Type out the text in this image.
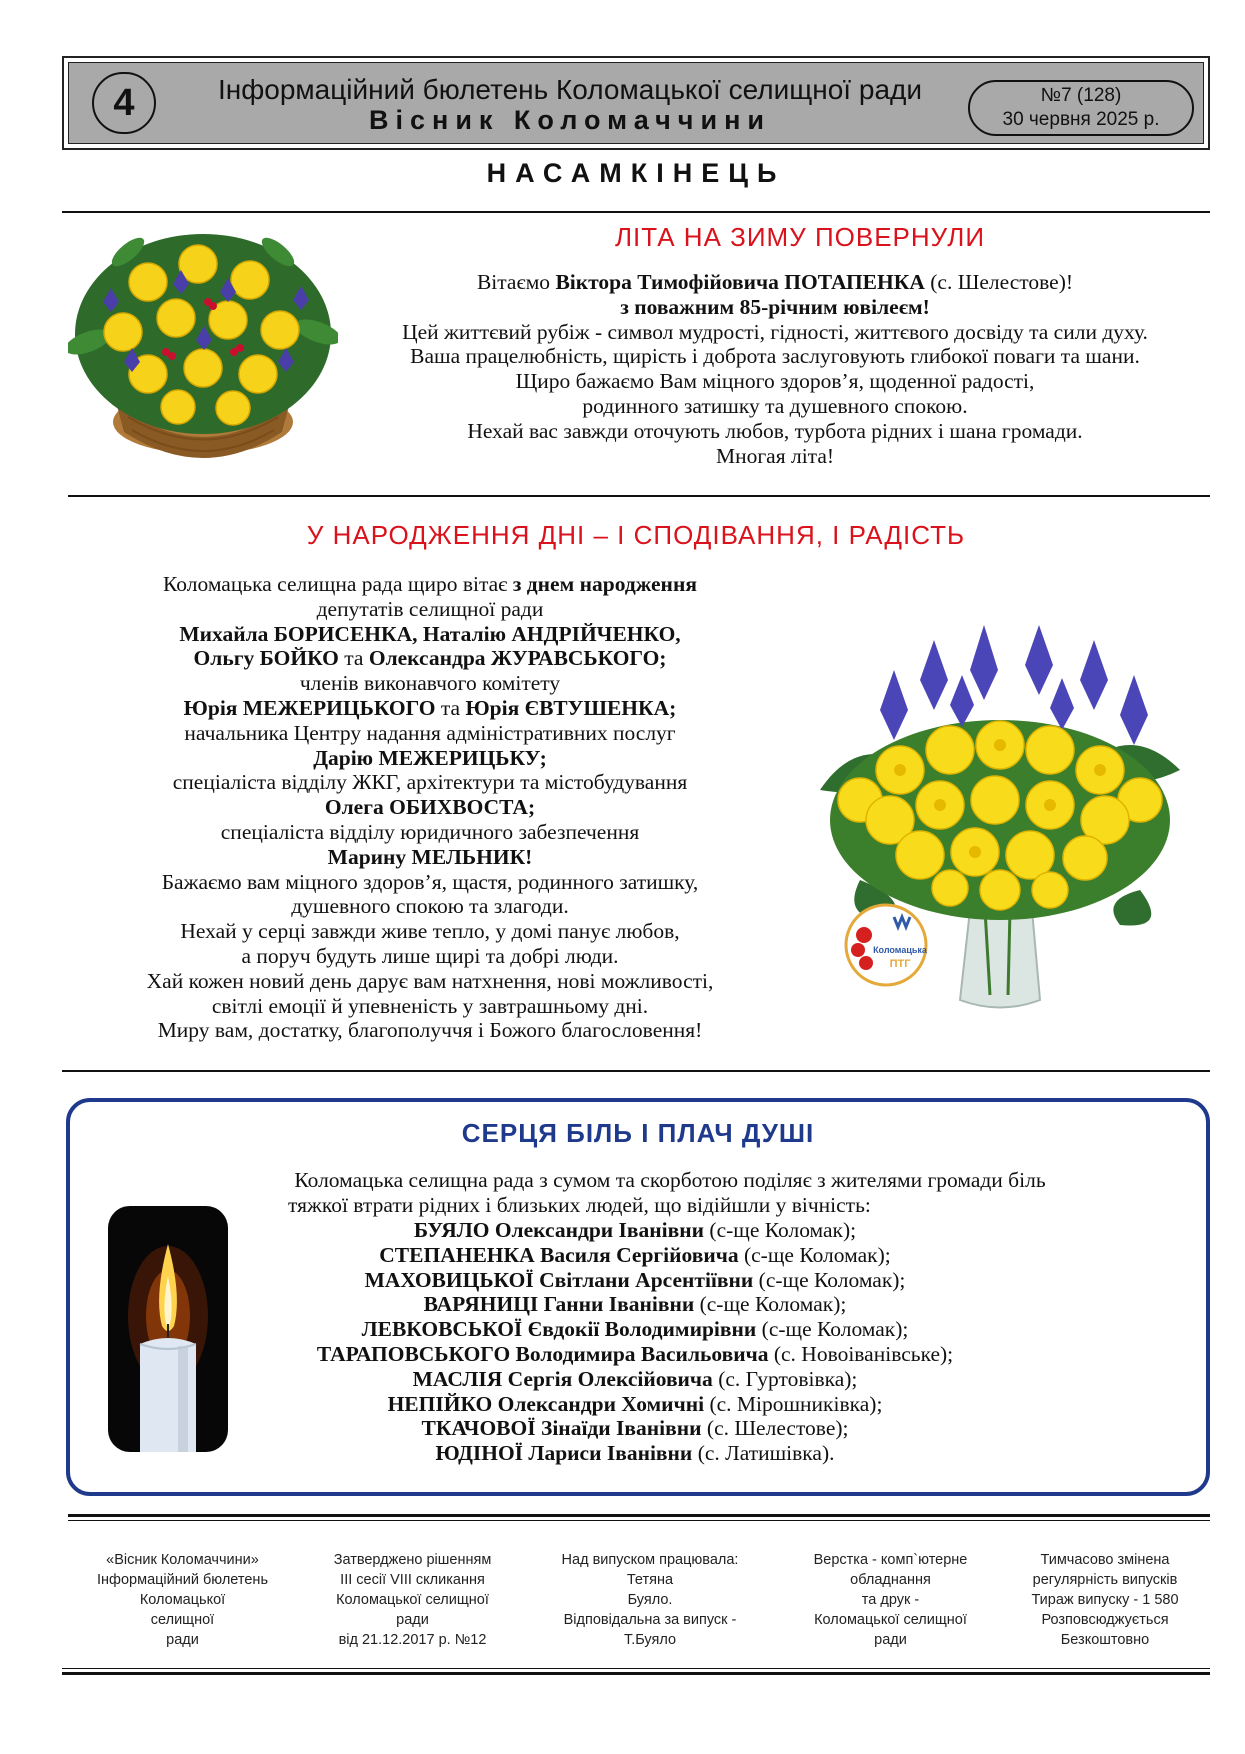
4	Інформаційний бюлетень Коломацької селищної ради
Вісник Коломаччини
№7 (128)
30 червня 2025 р.
НАСАМКІНЕЦЬ
ЛІТА НА ЗИМУ ПОВЕРНУЛИ
Вітаємо Віктора Тимофійовича ПОТАПЕНКА (с. Шелестове)!
з поважним 85-річним ювілеєм!
Цей життєвий рубіж - символ мудрості, гідності, життєвого досвіду та сили духу.
Ваша працелюбність, щирість і доброта заслуговують глибокої поваги та шани.
Щиро бажаємо Вам міцного здоров’я, щоденної радості,
родинного затишку та душевного спокою.
Нехай вас завжди оточують любов, турбота рідних і шана громади.
Многая літа!
У НАРОДЖЕННЯ ДНІ – І СПОДІВАННЯ, І РАДІСТЬ
Коломацька селищна рада щиро вітає з днем народження
депутатів селищної ради
Михайла БОРИСЕНКА, Наталію АНДРІЙЧЕНКО,
Ольгу БОЙКО та Олександра ЖУРАВСЬКОГО;
членів виконавчого комітету
Юрія МЕЖЕРИЦЬКОГО та Юрія ЄВТУШЕНКА;
начальника Центру надання адміністративних послуг
Дарію МЕЖЕРИЦЬКУ;
спеціаліста відділу ЖКГ, архітектури та містобудування
Олега ОБИХВОСТА;
спеціаліста відділу юридичного забезпечення
Марину МЕЛЬНИК!
Бажаємо вам міцного здоров’я, щастя, родинного затишку,
душевного спокою та злагоди.
Нехай у серці завжди живе тепло, у домі панує любов,
а поруч будуть лише щирі та добрі люди.
Хай кожен новий день дарує вам натхнення, нові можливості,
світлі емоції й упевненість у завтрашньому дні.
Миру вам, достатку, благополуччя і Божого благословення!
Коломацька
ПТГ
СЕРЦЯ БІЛЬ І ПЛАЧ ДУШІ
Коломацька селищна рада з сумом та скорботою поділяє з жителями громади біль
тяжкої втрати рідних і близьких людей, що відійшли у вічність:
БУЯЛО Олександри Іванівни (с-ще Коломак);
СТЕПАНЕНКА Василя Сергійовича (с-ще Коломак);
МАХОВИЦЬКОЇ Світлани Арсентіївни (с-ще Коломак);
ВАРЯНИЦІ Ганни Іванівни (с-ще Коломак);
ЛЕВКОВСЬКОЇ Євдокії Володимирівни (с-ще Коломак);
ТАРАПОВСЬКОГО Володимира Васильовича (с. Новоіванівське);
МАСЛІЯ Сергія Олексійовича (с. Гуртовівка);
НЕПІЙКО Олександри Хомичні (с. Мірошниківка);
ТКАЧОВОЇ Зінаїди Іванівни (с. Шелестове);
ЮДІНОЇ Лариси Іванівни (с. Латишівка).
«Вісник Коломаччини»
Інформаційний бюлетень
Коломацької
селищної
ради
Затверджено рішенням
ІІІ сесії VIII скликання
Коломацької селищної
ради
від 21.12.2017 р. №12
Над випуском працювала:
Тетяна
Буяло.
Відповідальна за випуск -
Т.Буяло
Верстка - комп`ютерне
обладнання
та друк -
Коломацької селищної
ради
Тимчасово змінена
регулярність випусків
Тираж випуску - 1 580
Розповсюджується
Безкоштовно
